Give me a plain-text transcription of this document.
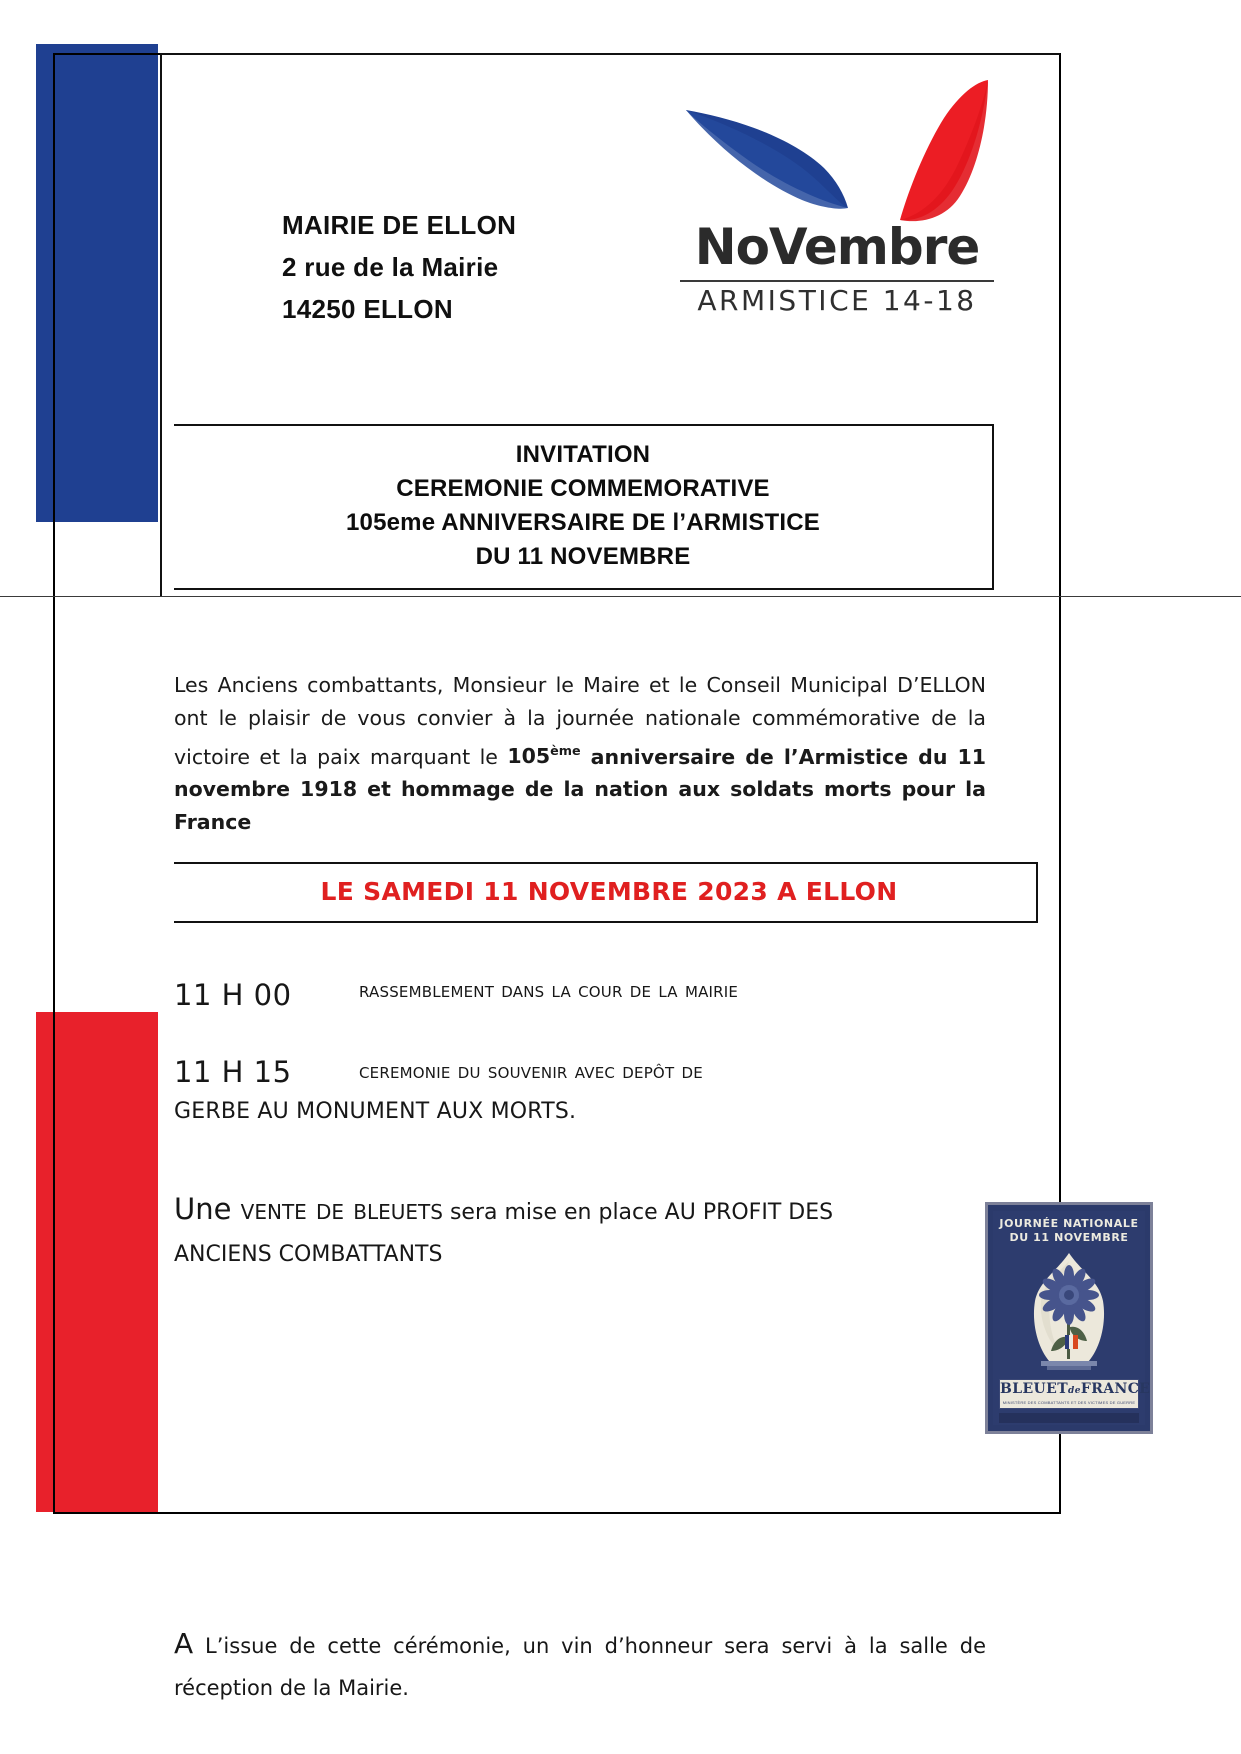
MAIRIE DE ELLON
2 rue de la Mairie
14250 ELLON
NoVembre
ARMISTICE 14-18
INVITATION
CEREMONIE COMMEMORATIVE
105eme ANNIVERSAIRE DE l’ARMISTICE
DU 11 NOVEMBRE

Les Anciens combattants, Monsieur le Maire et le Conseil Municipal D’ELLON ont le plaisir de vous convier à la journée nationale commémorative de la victoire et la paix marquant le 105ème anniversaire de l’Armistice du 11 novembre 1918 et hommage de la nation aux soldats morts pour la France

LE SAMEDI 11 NOVEMBRE 2023 A ELLON
11 H 00	rassemblement dans la cour de la mairie
11 H 15	ceremonie du souvenir avec depôt de
GERBE AU MONUMENT AUX MORTS.
Une vente de bleuets sera mise en place AU PROFIT DES
ANCIENS COMBATTANTS
JOURNÉE NATIONALE
DU 11 NOVEMBRE
BLEUETdeFRANCE
MINISTÈRE DES COMBATTANTS ET DES VICTIMES DE GUERRE

A L’issue de cette cérémonie, un vin d’honneur sera servi à la salle de réception de la Mairie.
